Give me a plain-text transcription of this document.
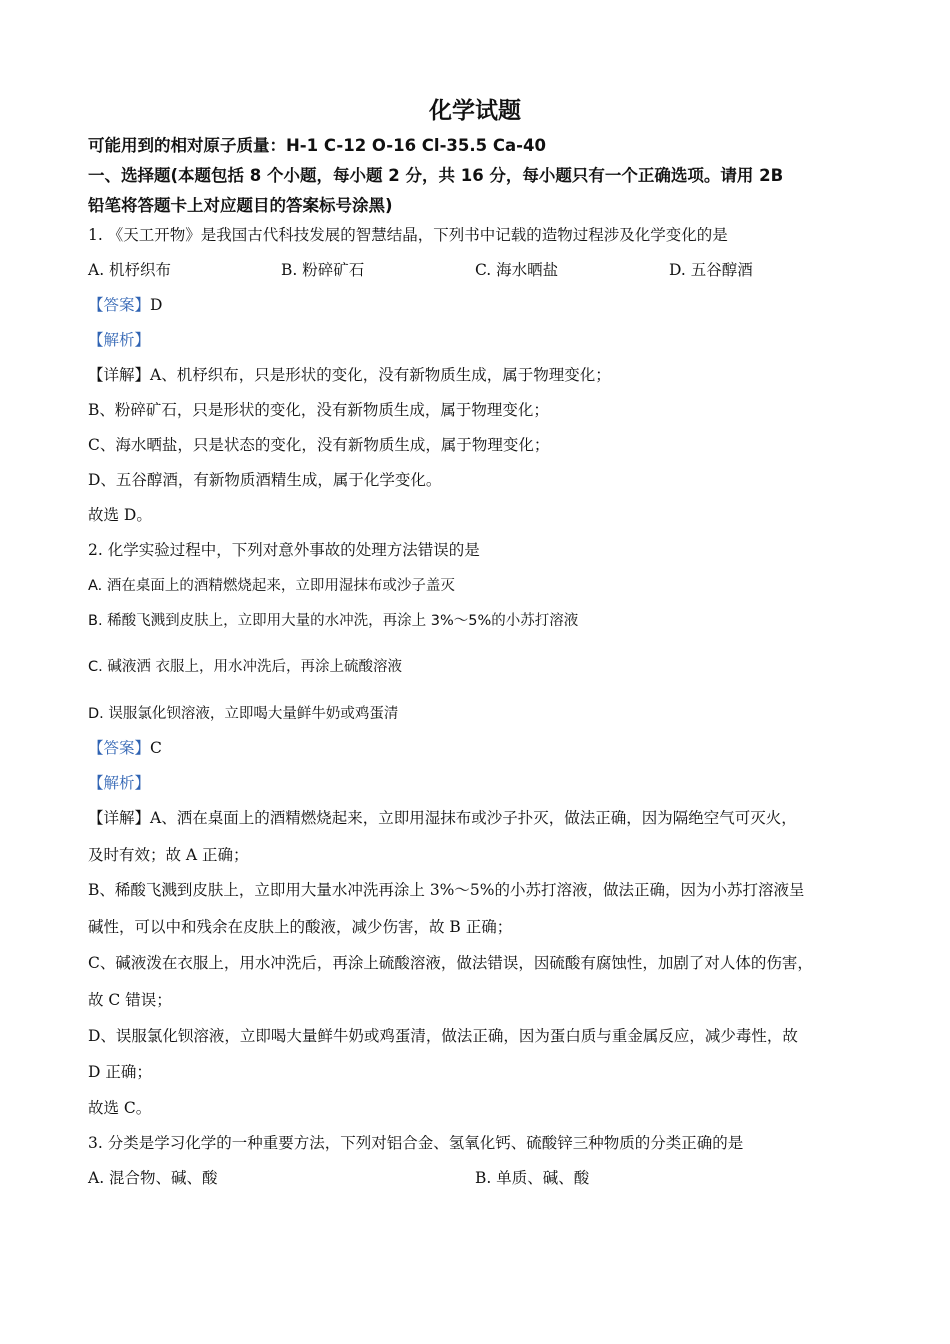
化学试题
可能用到的相对原子质量：H-1 C-12 O-16 Cl-35.5 Ca-40
一、选择题(本题包括 8 个小题，每小题 2 分，共 16 分，每小题只有一个正确选项。请用 2B
铅笔将答题卡上对应题目的答案标号涂黑)
1. 《天工开物》是我国古代科技发展的智慧结晶，下列书中记载的造物过程涉及化学变化的是
A. 机杼织布	B. 粉碎矿石	C. 海水晒盐	D. 五谷醇酒
【答案】D
【解析】
【详解】A、机杼织布，只是形状的变化，没有新物质生成，属于物理变化；
B、粉碎矿石，只是形状的变化，没有新物质生成，属于物理变化；
C、海水晒盐，只是状态的变化，没有新物质生成，属于物理变化；
D、五谷醇酒，有新物质酒精生成，属于化学变化。
故选 D。
2. 化学实验过程中，下列对意外事故的处理方法错误的是
A. 酒在桌面上的酒精燃烧起来，立即用湿抹布或沙子盖灭
B. 稀酸飞溅到皮肤上，立即用大量的水冲洗，再涂上 3%～5%的小苏打溶液
C. 碱液洒 衣服上，用水冲洗后，再涂上硫酸溶液
D. 误服氯化钡溶液，立即喝大量鲜牛奶或鸡蛋清
【答案】C
【解析】
【详解】A、洒在桌面上的酒精燃烧起来，立即用湿抹布或沙子扑灭，做法正确，因为隔绝空气可灭火，
及时有效；故 A 正确；
B、稀酸飞溅到皮肤上，立即用大量水冲洗再涂上 3%～5%的小苏打溶液，做法正确，因为小苏打溶液呈
碱性，可以中和残余在皮肤上的酸液，减少伤害，故 B 正确；
C、碱液泼在衣服上，用水冲洗后，再涂上硫酸溶液，做法错误，因硫酸有腐蚀性，加剧了对人体的伤害，
故 C 错误；
D、误服氯化钡溶液，立即喝大量鲜牛奶或鸡蛋清，做法正确，因为蛋白质与重金属反应，减少毒性，故
D 正确；
故选 C。
3. 分类是学习化学的一种重要方法，下列对铝合金、氢氧化钙、硫酸锌三种物质的分类正确的是
A. 混合物、碱、酸	B. 单质、碱、酸
